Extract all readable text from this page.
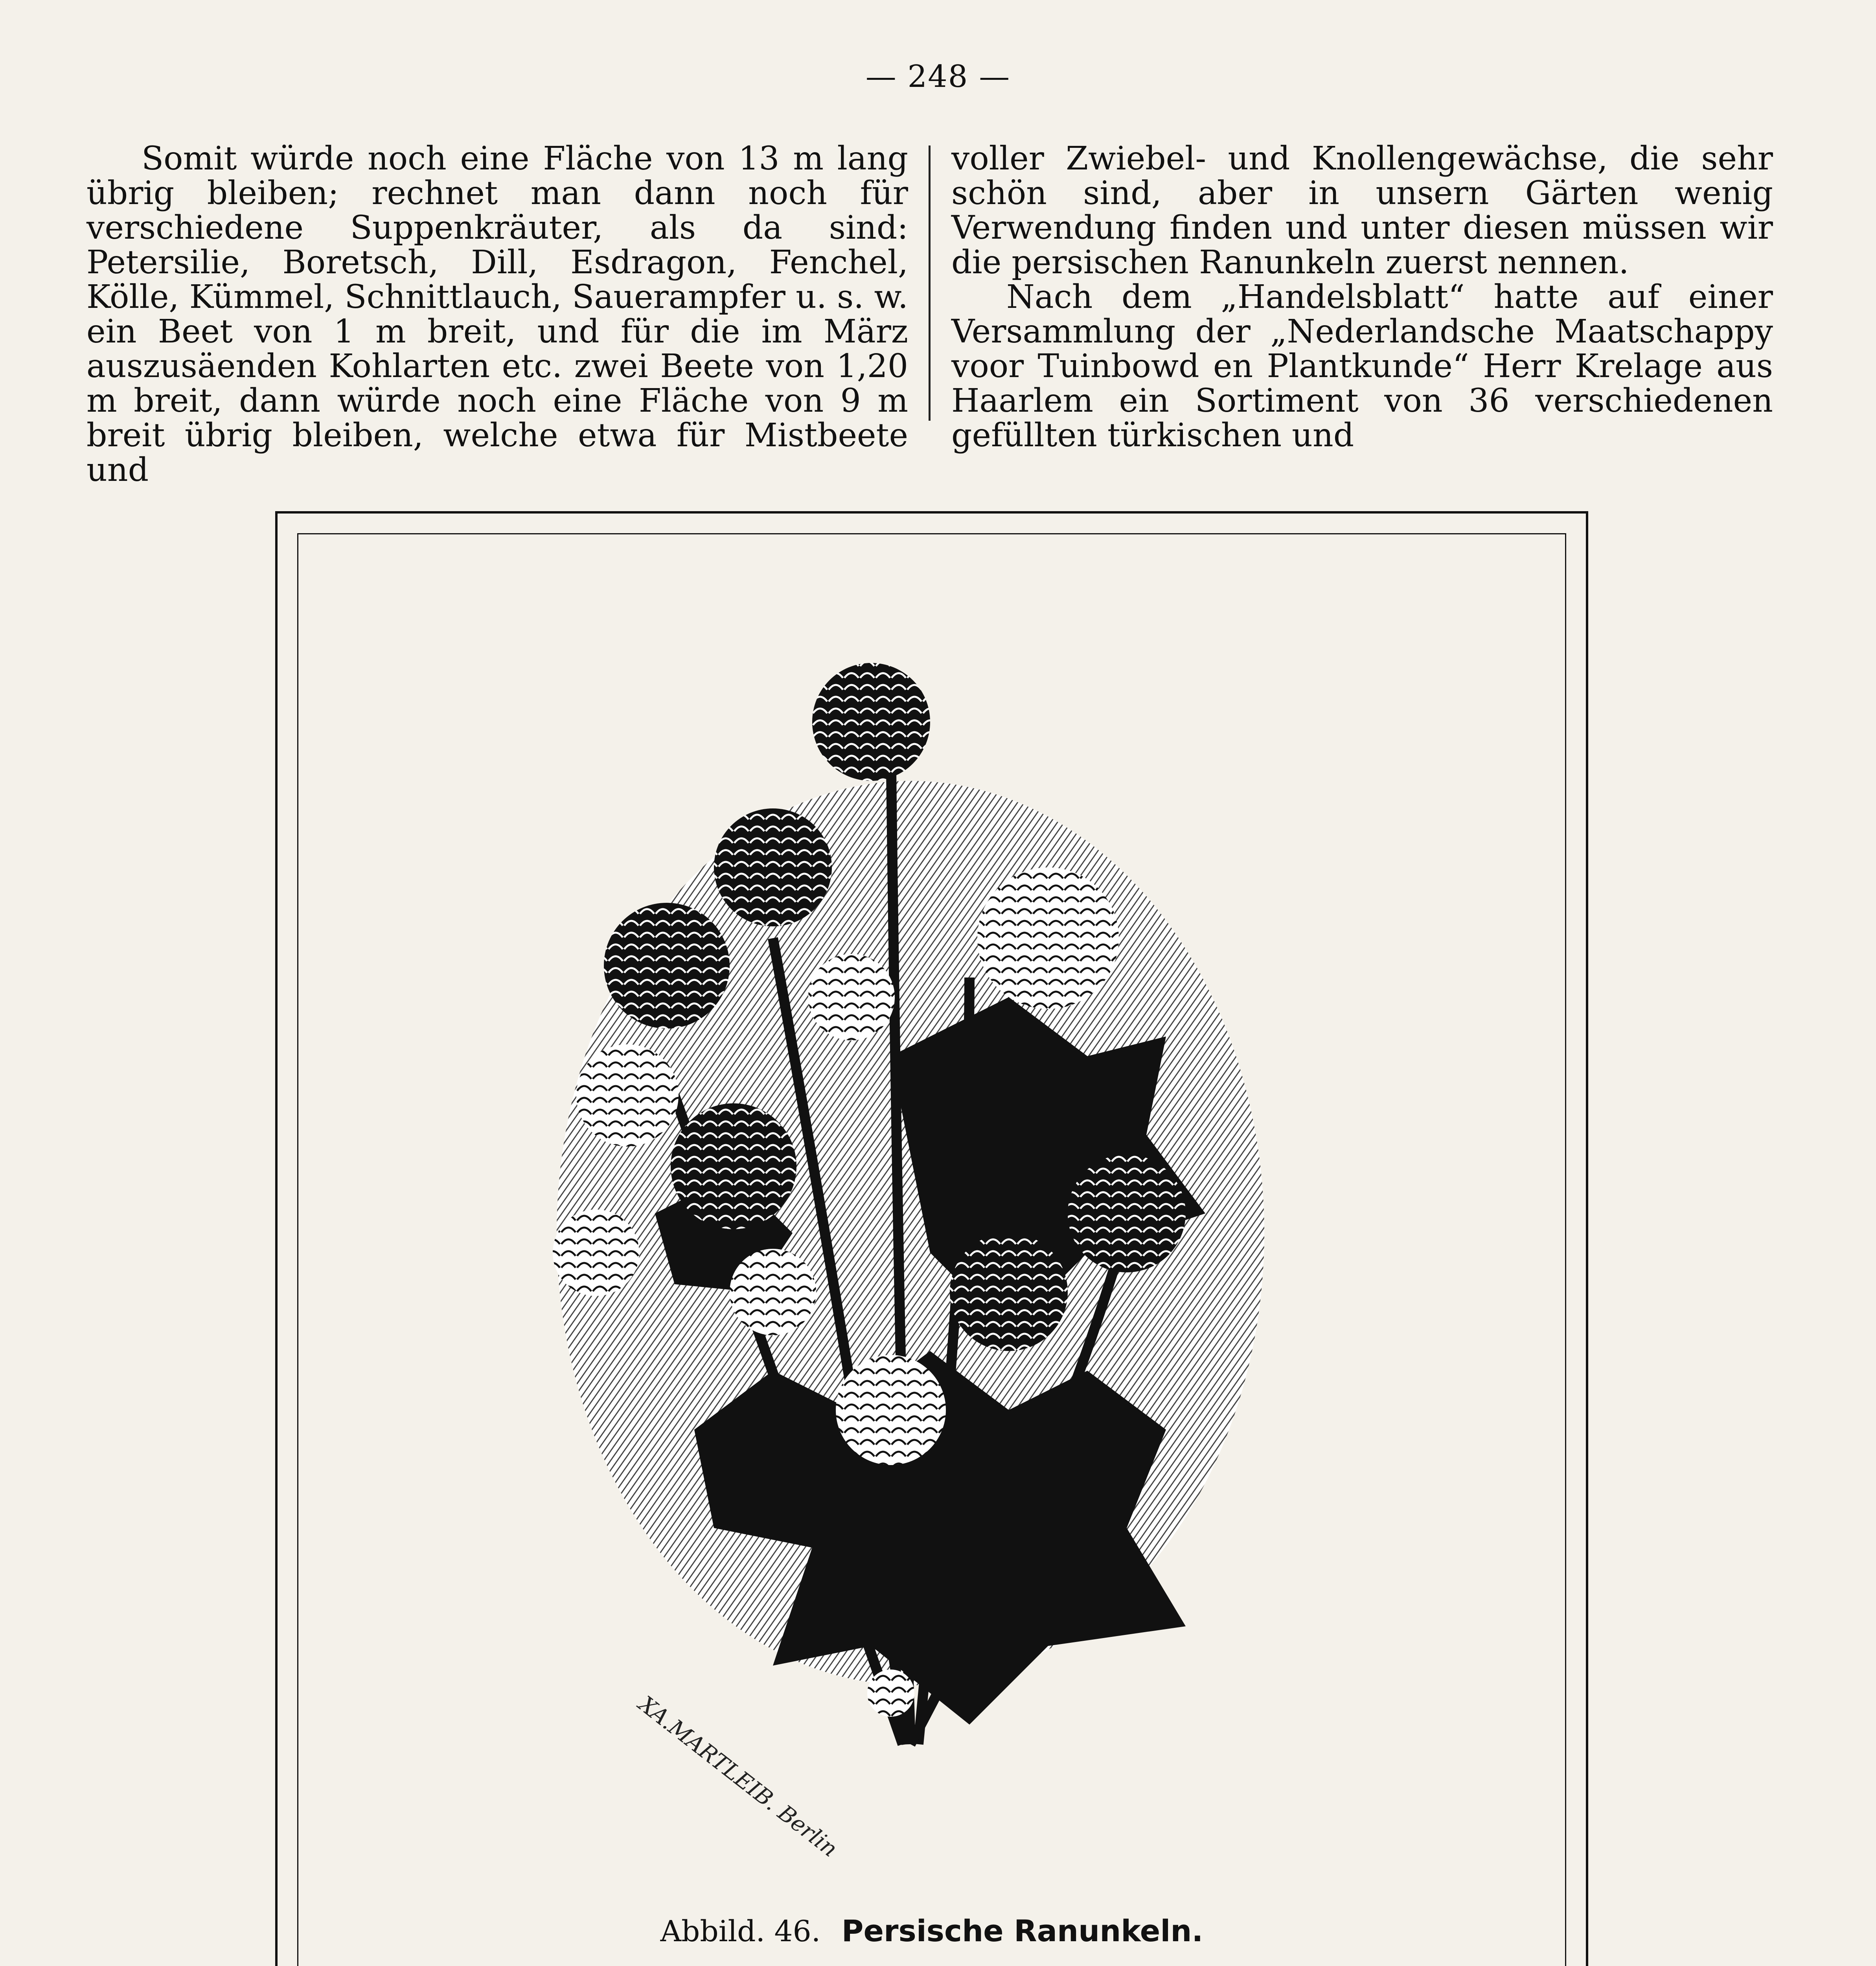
— 248 —

Somit würde noch eine Fläche von 13 m lang übrig bleiben; rechnet man dann noch für verschiedene Suppenkräuter, als da sind: Petersilie, Boretsch, Dill, Esdragon, Fenchel, Kölle, Kümmel, Schnittlauch, Sauerampfer u. s. w. ein Beet von 1 m breit, und für die im März auszusäenden Kohlarten etc. zwei Beete von 1,20 m breit, dann würde noch eine Fläche von 9 m breit übrig bleiben, welche etwa für Mistbeete und

voller Zwiebel- und Knollengewächse, die sehr schön sind, aber in unsern Gärten wenig Verwendung finden und unter diesen müssen wir die persischen Ranunkeln zuerst nennen.

Nach dem „Handelsblatt“ hatte auf einer Versammlung der „Nederlandsche Maatschappy voor Tuinbowd en Plantkunde“ Herr Krelage aus Haarlem ein Sortiment von 36 verschiedenen gefüllten türkischen und

XA.MARTLEIB. Berlin
Abbild. 46. Persische Ranunkeln.
